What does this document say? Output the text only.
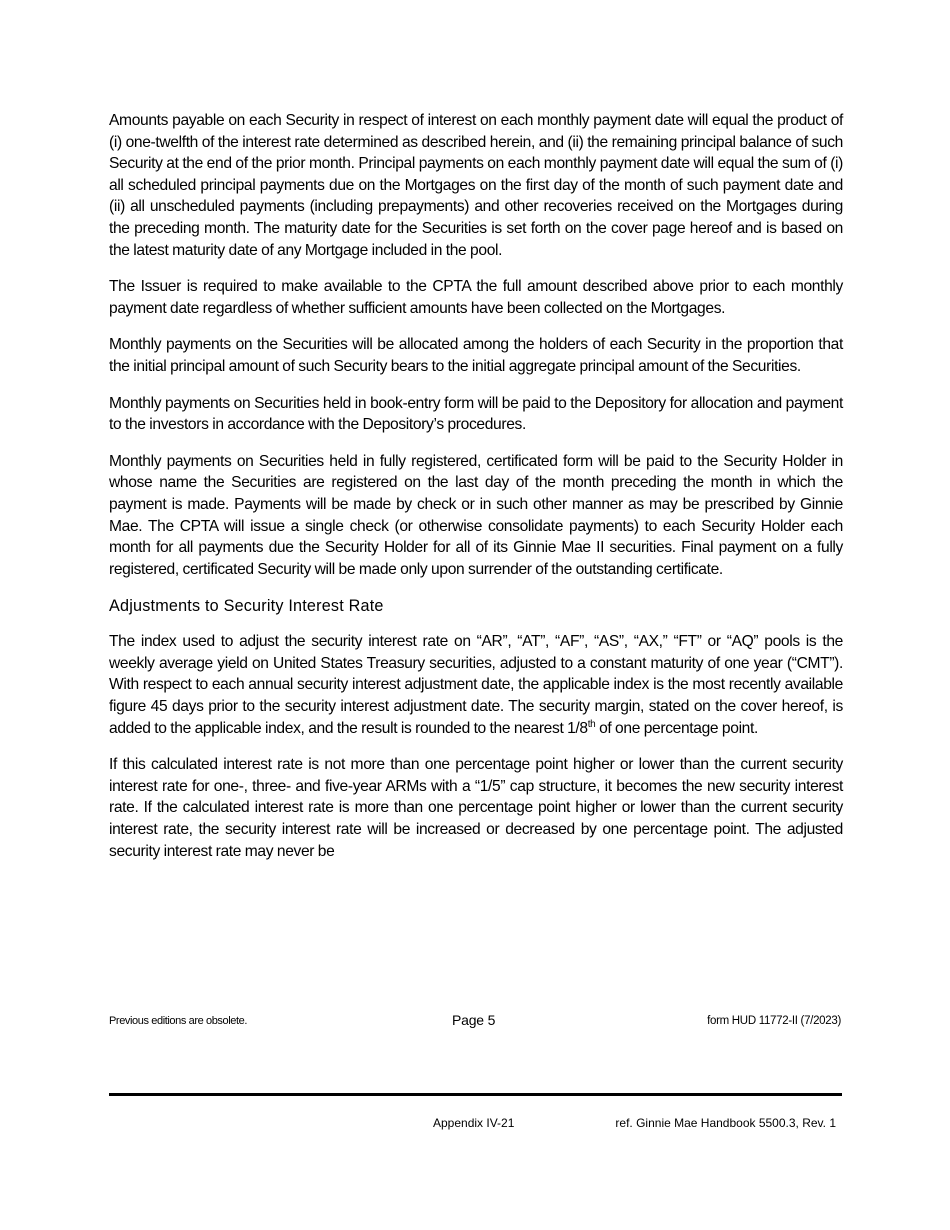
Amounts payable on each Security in respect of interest on each monthly payment date will equal the product of (i) one-twelfth of the interest rate determined as described herein, and (ii) the remaining principal balance of such Security at the end of the prior month. Principal payments on each monthly payment date will equal the sum of (i) all scheduled principal payments due on the Mortgages on the first day of the month of such payment date and (ii) all unscheduled payments (including prepayments) and other recoveries received on the Mortgages during the preceding month. The maturity date for the Securities is set forth on the cover page hereof and is based on the latest maturity date of any Mortgage included in the pool.

The Issuer is required to make available to the CPTA the full amount described above prior to each monthly payment date regardless of whether sufficient amounts have been collected on the Mortgages.

Monthly payments on the Securities will be allocated among the holders of each Security in the proportion that the initial principal amount of such Security bears to the initial aggregate principal amount of the Securities.

Monthly payments on Securities held in book-entry form will be paid to the Depository for allocation and payment to the investors in accordance with the Depository’s procedures.

Monthly payments on Securities held in fully registered, certificated form will be paid to the Security Holder in whose name the Securities are registered on the last day of the month preceding the month in which the payment is made. Payments will be made by check or in such other manner as may be prescribed by Ginnie Mae. The CPTA will issue a single check (or otherwise consolidate payments) to each Security Holder each month for all payments due the Security Holder for all of its Ginnie Mae II securities. Final payment on a fully registered, certificated Security will be made only upon surrender of the outstanding certificate.

Adjustments to Security Interest Rate

The index used to adjust the security interest rate on “AR”, “AT”, “AF”, “AS”, “AX,” “FT” or “AQ” pools is the weekly average yield on United States Treasury securities, adjusted to a constant maturity of one year (“CMT”). With respect to each annual security interest adjustment date, the applicable index is the most recently available figure 45 days prior to the security interest adjustment date. The security margin, stated on the cover hereof, is added to the applicable index, and the result is rounded to the nearest 1/8th of one percentage point.

If this calculated interest rate is not more than one percentage point higher or lower than the current security interest rate for one-, three- and five-year ARMs with a “1/5” cap structure, it becomes the new security interest rate. If the calculated interest rate is more than one percentage point higher or lower than the current security interest rate, the security interest rate will be increased or decreased by one percentage point. The adjusted security interest rate may never be

Previous editions are obsolete.	Page 5	form HUD 11772-II (7/2023)
Appendix IV-21	ref. Ginnie Mae Handbook 5500.3, Rev. 1
